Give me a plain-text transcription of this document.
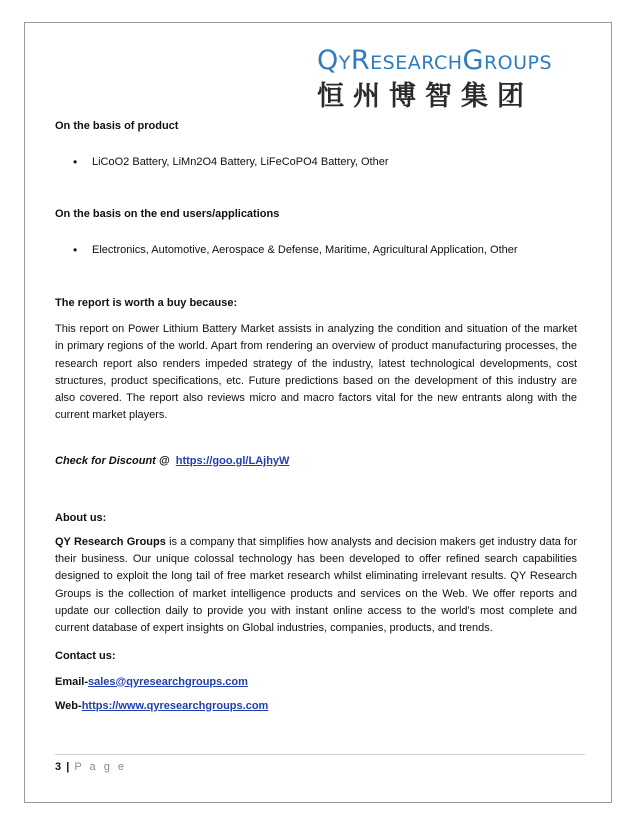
QYRESEARCHGROUPS
恒州博智集团

On the basis of product

• LiCoO2 Battery, LiMn2O4 Battery, LiFeCoPO4 Battery, Other

On the basis on the end users/applications

• Electronics, Automotive, Aerospace & Defense, Maritime, Agricultural Application, Other

The report is worth a buy because:

This report on Power Lithium Battery Market assists in analyzing the condition and situation of the market in primary regions of the world. Apart from rendering an overview of product manufacturing processes, the research report also renders impeded strategy of the industry, latest technological developments, cost structures, product specifications, etc. Future predictions based on the development of this industry are also covered. The report also reviews micro and macro factors vital for the new entrants along with the current market players.

Check for Discount @ https://goo.gl/LAjhyW

About us:

QY Research Groups is a company that simplifies how analysts and decision makers get industry data for their business. Our unique colossal technology has been developed to offer refined search capabilities designed to exploit the long tail of free market research whilst eliminating irrelevant results. QY Research Groups is the collection of market intelligence products and services on the Web. We offer reports and update our collection daily to provide you with instant online access to the world's most complete and current database of expert insights on Global industries, companies, products, and trends.

Contact us:

Email-sales@qyresearchgroups.com

Web-https://www.qyresearchgroups.com

3 | P a g e
